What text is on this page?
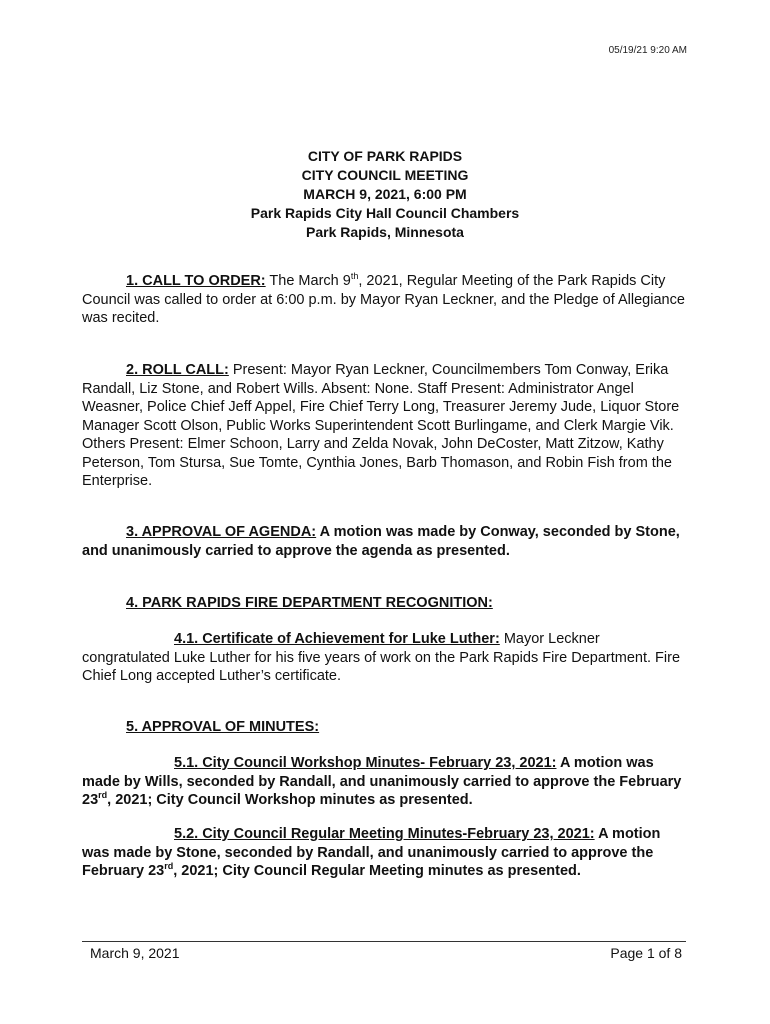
05/19/21 9:20 AM
CITY OF PARK RAPIDS
CITY COUNCIL MEETING
MARCH 9, 2021, 6:00 PM
Park Rapids City Hall Council Chambers
Park Rapids, Minnesota
1. CALL TO ORDER: The March 9th, 2021, Regular Meeting of the Park Rapids City Council was called to order at 6:00 p.m. by Mayor Ryan Leckner, and the Pledge of Allegiance was recited.
2. ROLL CALL: Present: Mayor Ryan Leckner, Councilmembers Tom Conway, Erika Randall, Liz Stone, and Robert Wills. Absent: None. Staff Present: Administrator Angel Weasner, Police Chief Jeff Appel, Fire Chief Terry Long, Treasurer Jeremy Jude, Liquor Store Manager Scott Olson, Public Works Superintendent Scott Burlingame, and Clerk Margie Vik. Others Present: Elmer Schoon, Larry and Zelda Novak, John DeCoster, Matt Zitzow, Kathy Peterson, Tom Stursa, Sue Tomte, Cynthia Jones, Barb Thomason, and Robin Fish from the Enterprise.
3. APPROVAL OF AGENDA: A motion was made by Conway, seconded by Stone, and unanimously carried to approve the agenda as presented.
4. PARK RAPIDS FIRE DEPARTMENT RECOGNITION:
4.1. Certificate of Achievement for Luke Luther: Mayor Leckner congratulated Luke Luther for his five years of work on the Park Rapids Fire Department. Fire Chief Long accepted Luther’s certificate.
5. APPROVAL OF MINUTES:
5.1. City Council Workshop Minutes- February 23, 2021: A motion was made by Wills, seconded by Randall, and unanimously carried to approve the February 23rd, 2021; City Council Workshop minutes as presented.
5.2. City Council Regular Meeting Minutes-February 23, 2021: A motion was made by Stone, seconded by Randall, and unanimously carried to approve the February 23rd, 2021; City Council Regular Meeting minutes as presented.
March 9, 2021	Page 1 of 8
